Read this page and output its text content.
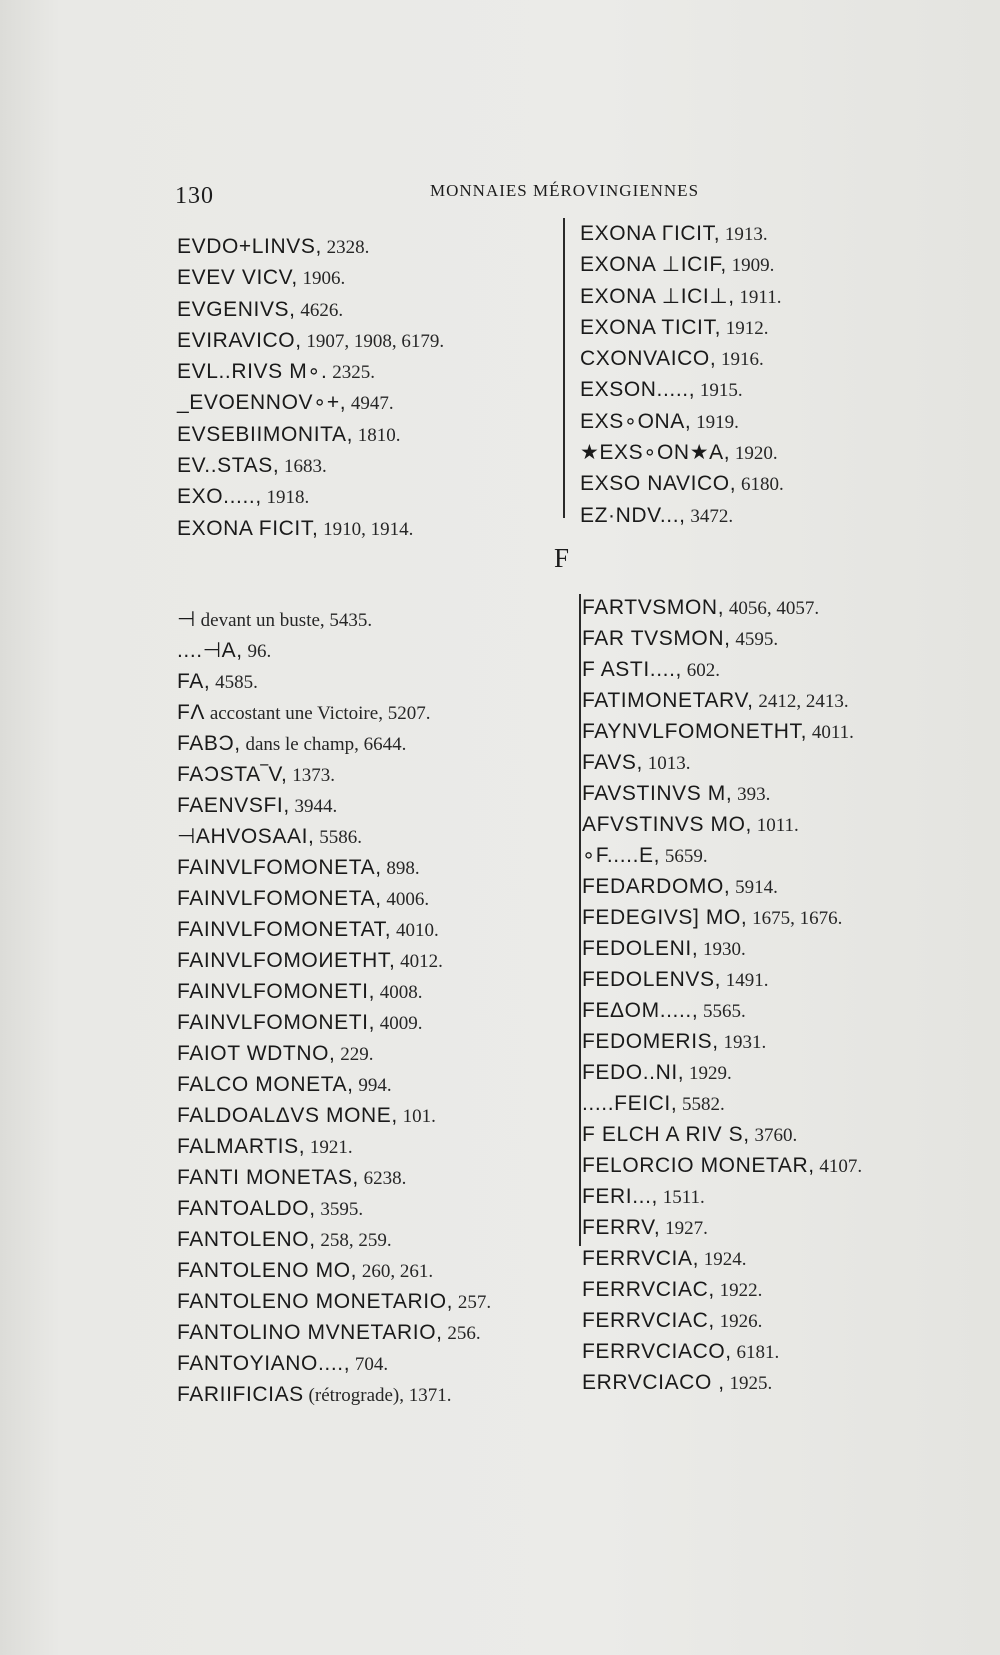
130	MONNAIES MÉROVINGIENNES
F
EVDO+LINVS, 2328.
EVEV VICV, 1906.
EVGENIVS, 4626.
EVIRAVICO, 1907, 1908, 6179.
EVL..RIVS M∘. 2325.
_EVOENNOV∘+, 4947.
EVSEBIIMONITA, 1810.
EV..STAS, 1683.
EXO....., 1918.
EXONA FICIT, 1910, 1914.
EXONA ΓICIT, 1913.
EXONA ⊥ICIF, 1909.
EXONA ⊥ICI⊥, 1911.
EXONA TICIT, 1912.
CXONVAICO, 1916.
EXSON....., 1915.
EXS∘ONA, 1919.
★EXS∘ON★A, 1920.
EXSO NAVICO, 6180.
EZ·NDV..., 3472.
⊣ devant un buste, 5435.
....⊣A, 96.
FA, 4585.
FΛ accostant une Victoire, 5207.
FABƆ, dans le champ, 6644.
FAƆSTA‾V, 1373.
FAENVSFI, 3944.
⊣AHVOSAAI, 5586.
FAINVLFOMONETA, 898.
FAINVLFOMONETA, 4006.
FAINVLFOMONETAT, 4010.
FAINVLFOMOИETHT, 4012.
FAINVLFOMONETI, 4008.
FAINVLFOMONETI, 4009.
FAIOT WDTNO, 229.
FALCO MONETA, 994.
FALDOALΔVS MONE, 101.
FALMARTIS, 1921.
FANTI MONETAS, 6238.
FANTOALDO, 3595.
FANTOLENO, 258, 259.
FANTOLENO MO, 260, 261.
FANTOLENO MONETARIO, 257.
FANTOLINO MVNETARIO, 256.
FANTOYIANO...., 704.
FARIIFICIAS (rétrograde), 1371.
FARTVSMON, 4056, 4057.
FAR TVSMON, 4595.
F ASTI...., 602.
FATIMONETARV, 2412, 2413.
FAYNVLFOMONETHT, 4011.
FAVS, 1013.
FAVSTINVS M, 393.
AFVSTINVS MO, 1011.
∘F.....E, 5659.
FEDARDOMO, 5914.
FEDEGIVS] MO, 1675, 1676.
FEDOLENI, 1930.
FEDOLENVS, 1491.
FEΔOM....., 5565.
FEDOMERIS, 1931.
FEDO..NI, 1929.
.....FEICI, 5582.
F ELCH A RIV S, 3760.
FELORCIO MONETAR, 4107.
FERI..., 1511.
FERRV, 1927.
FERRVCIA, 1924.
FERRVCIAC, 1922.
FERRVCIAC, 1926.
FERRVCIACO, 6181.
ERRVCIACO , 1925.
